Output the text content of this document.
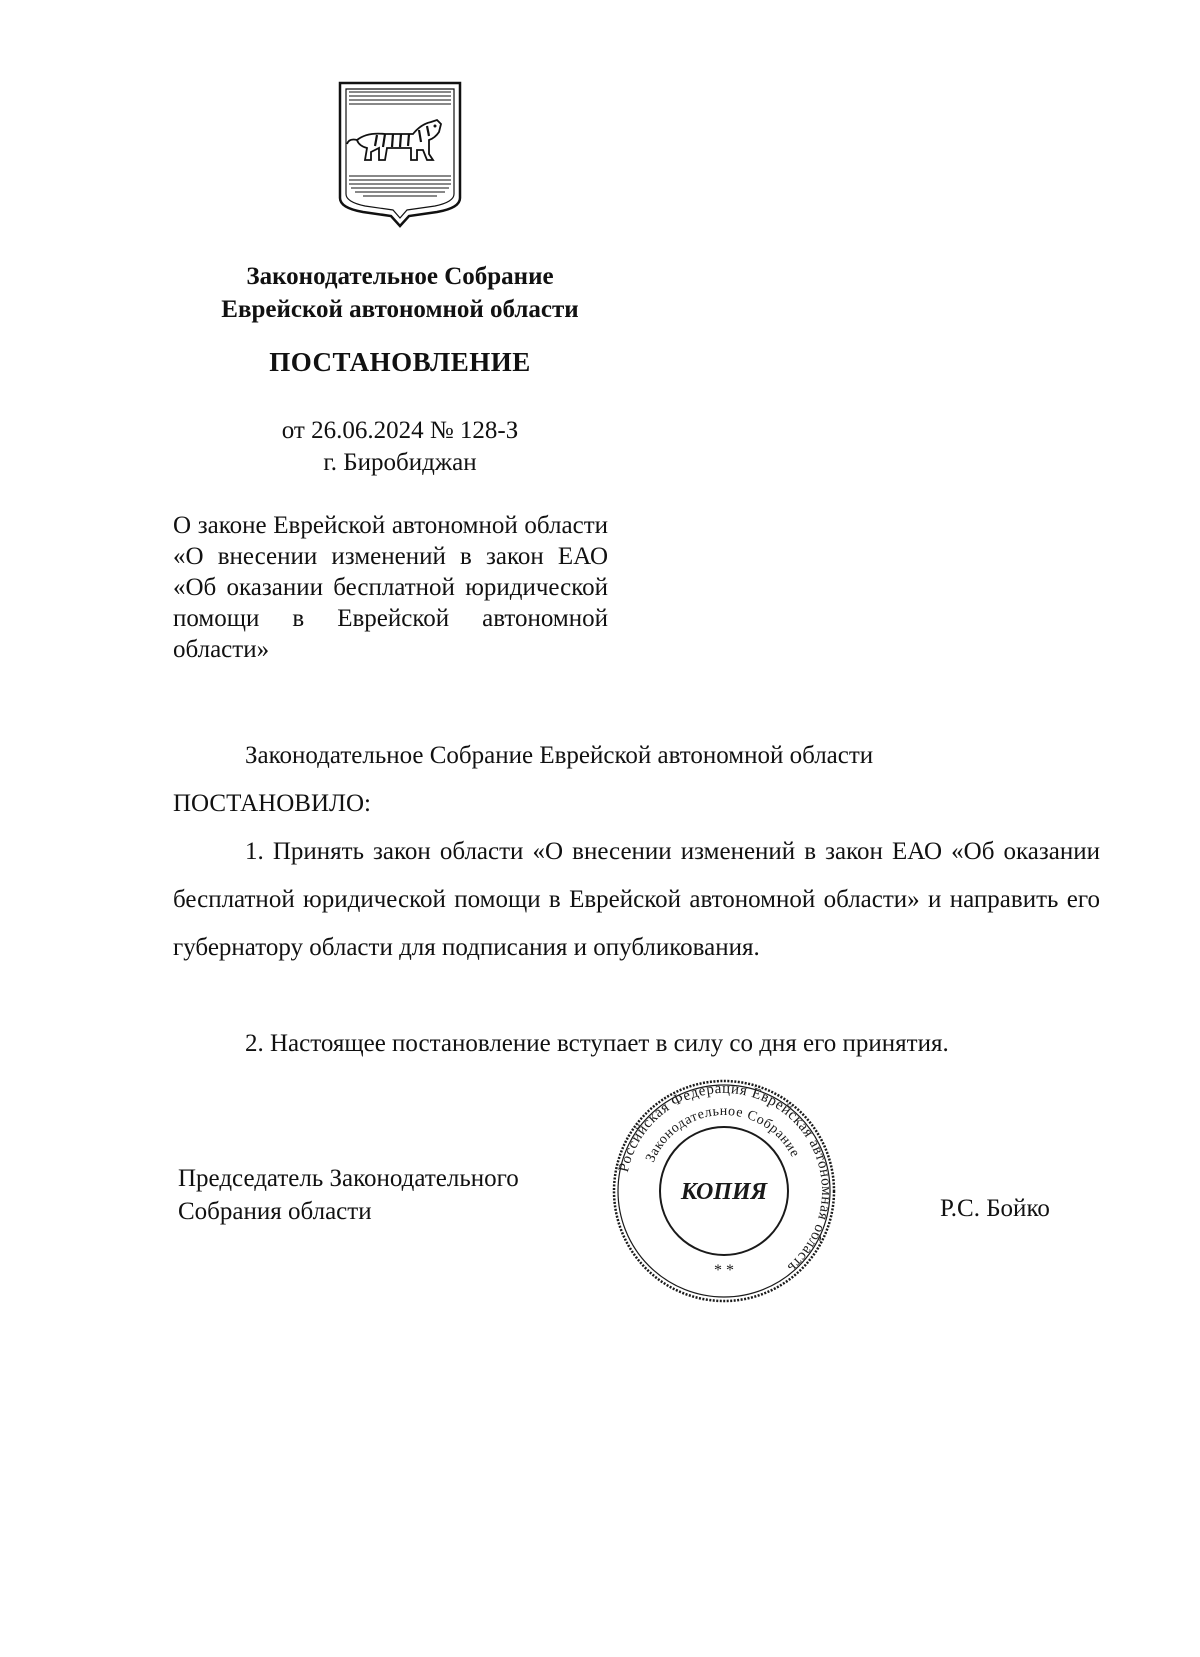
Законодательное Собрание
Еврейской автономной области
ПОСТАНОВЛЕНИЕ
от 26.06.2024 № 128-З
г. Биробиджан
О законе Еврейской автономной области «О внесении изменений в закон ЕАО «Об оказании бесплатной юридической помощи в Еврейской автономной области»
Законодательное Собрание Еврейской автономной области
ПОСТАНОВИЛО:
1. Принять закон области «О внесении изменений в закон ЕАО «Об оказании бесплатной юридической помощи в Еврейской автономной области» и направить его губернатору области для подписания и опубликования.
2. Настоящее постановление вступает в силу со дня его принятия.
Председатель Законодательного
Собрания области	Р.С. Бойко
Российская Федерация Еврейская автономная область
Законодательное Собрание
КОПИЯ
* *
